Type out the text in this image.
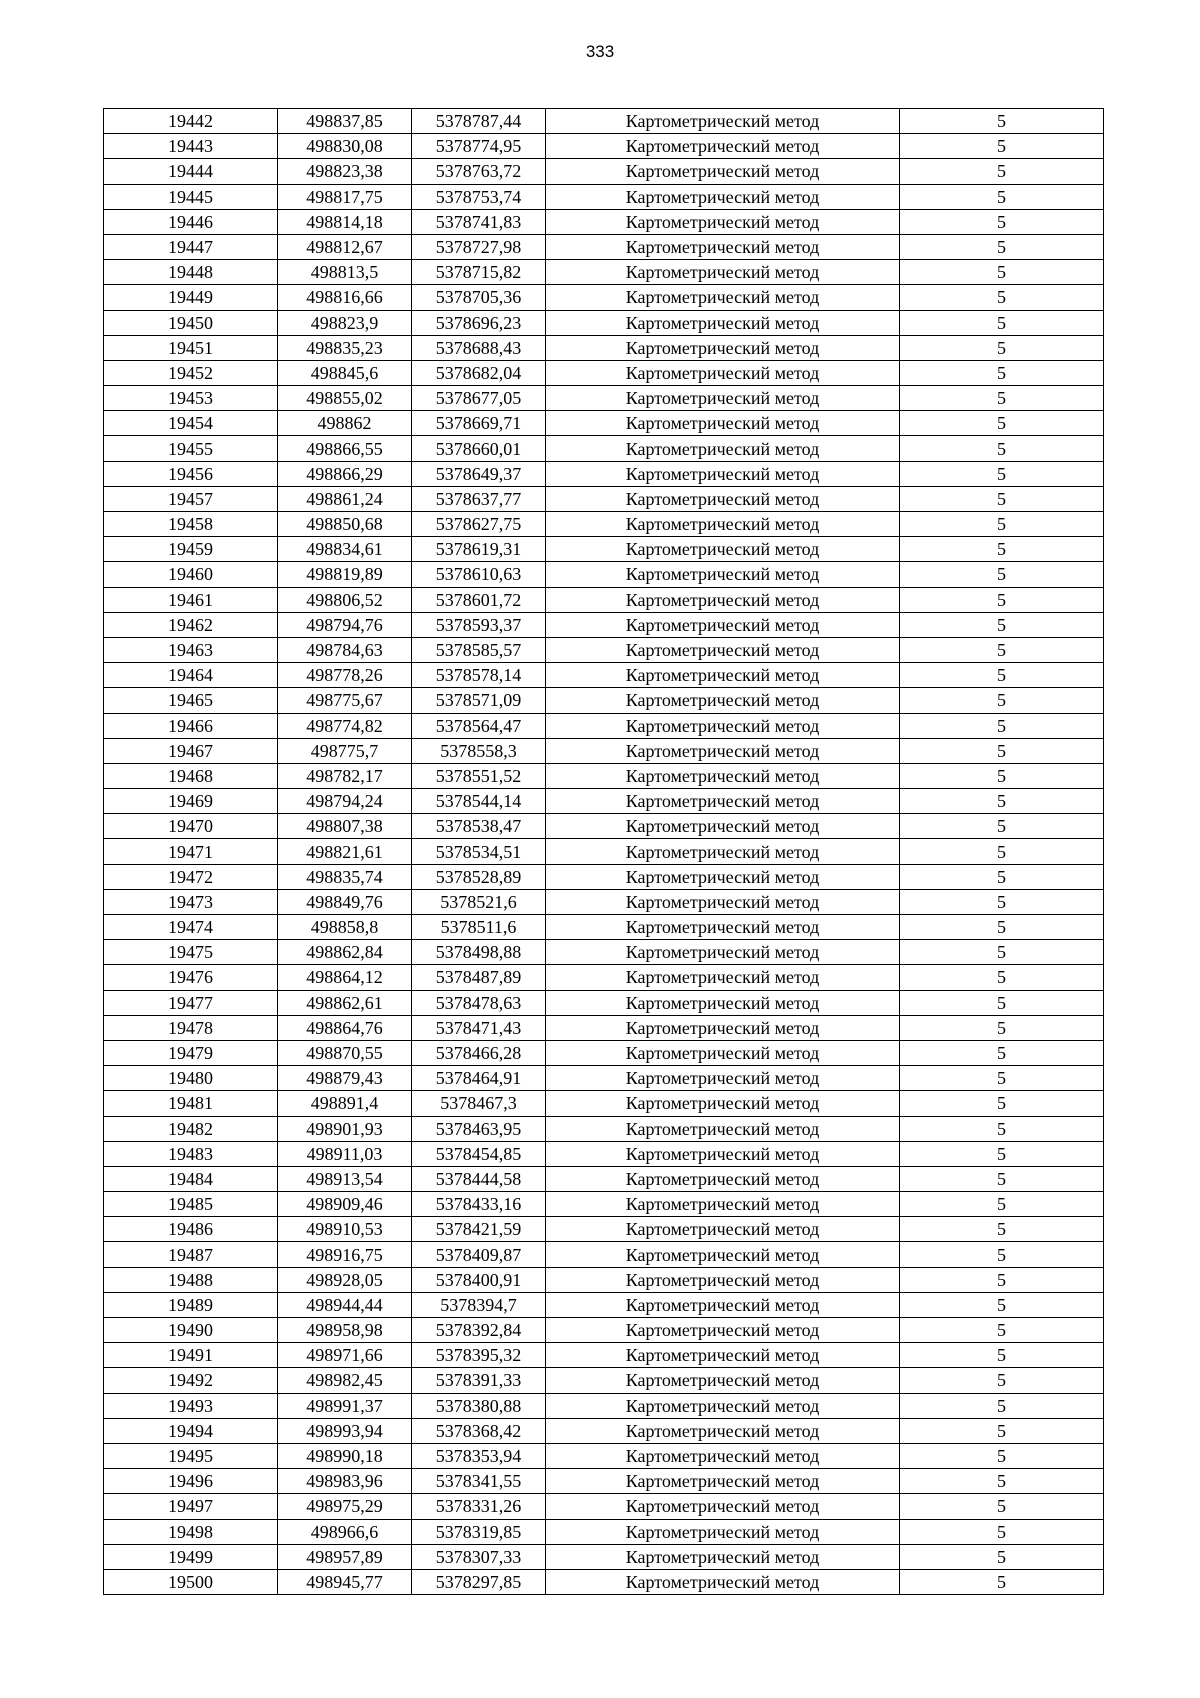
333
19442	498837,85	5378787,44	Картометрический метод	5
19443	498830,08	5378774,95	Картометрический метод	5
19444	498823,38	5378763,72	Картометрический метод	5
19445	498817,75	5378753,74	Картометрический метод	5
19446	498814,18	5378741,83	Картометрический метод	5
19447	498812,67	5378727,98	Картометрический метод	5
19448	498813,5	5378715,82	Картометрический метод	5
19449	498816,66	5378705,36	Картометрический метод	5
19450	498823,9	5378696,23	Картометрический метод	5
19451	498835,23	5378688,43	Картометрический метод	5
19452	498845,6	5378682,04	Картометрический метод	5
19453	498855,02	5378677,05	Картометрический метод	5
19454	498862	5378669,71	Картометрический метод	5
19455	498866,55	5378660,01	Картометрический метод	5
19456	498866,29	5378649,37	Картометрический метод	5
19457	498861,24	5378637,77	Картометрический метод	5
19458	498850,68	5378627,75	Картометрический метод	5
19459	498834,61	5378619,31	Картометрический метод	5
19460	498819,89	5378610,63	Картометрический метод	5
19461	498806,52	5378601,72	Картометрический метод	5
19462	498794,76	5378593,37	Картометрический метод	5
19463	498784,63	5378585,57	Картометрический метод	5
19464	498778,26	5378578,14	Картометрический метод	5
19465	498775,67	5378571,09	Картометрический метод	5
19466	498774,82	5378564,47	Картометрический метод	5
19467	498775,7	5378558,3	Картометрический метод	5
19468	498782,17	5378551,52	Картометрический метод	5
19469	498794,24	5378544,14	Картометрический метод	5
19470	498807,38	5378538,47	Картометрический метод	5
19471	498821,61	5378534,51	Картометрический метод	5
19472	498835,74	5378528,89	Картометрический метод	5
19473	498849,76	5378521,6	Картометрический метод	5
19474	498858,8	5378511,6	Картометрический метод	5
19475	498862,84	5378498,88	Картометрический метод	5
19476	498864,12	5378487,89	Картометрический метод	5
19477	498862,61	5378478,63	Картометрический метод	5
19478	498864,76	5378471,43	Картометрический метод	5
19479	498870,55	5378466,28	Картометрический метод	5
19480	498879,43	5378464,91	Картометрический метод	5
19481	498891,4	5378467,3	Картометрический метод	5
19482	498901,93	5378463,95	Картометрический метод	5
19483	498911,03	5378454,85	Картометрический метод	5
19484	498913,54	5378444,58	Картометрический метод	5
19485	498909,46	5378433,16	Картометрический метод	5
19486	498910,53	5378421,59	Картометрический метод	5
19487	498916,75	5378409,87	Картометрический метод	5
19488	498928,05	5378400,91	Картометрический метод	5
19489	498944,44	5378394,7	Картометрический метод	5
19490	498958,98	5378392,84	Картометрический метод	5
19491	498971,66	5378395,32	Картометрический метод	5
19492	498982,45	5378391,33	Картометрический метод	5
19493	498991,37	5378380,88	Картометрический метод	5
19494	498993,94	5378368,42	Картометрический метод	5
19495	498990,18	5378353,94	Картометрический метод	5
19496	498983,96	5378341,55	Картометрический метод	5
19497	498975,29	5378331,26	Картометрический метод	5
19498	498966,6	5378319,85	Картометрический метод	5
19499	498957,89	5378307,33	Картометрический метод	5
19500	498945,77	5378297,85	Картометрический метод	5
